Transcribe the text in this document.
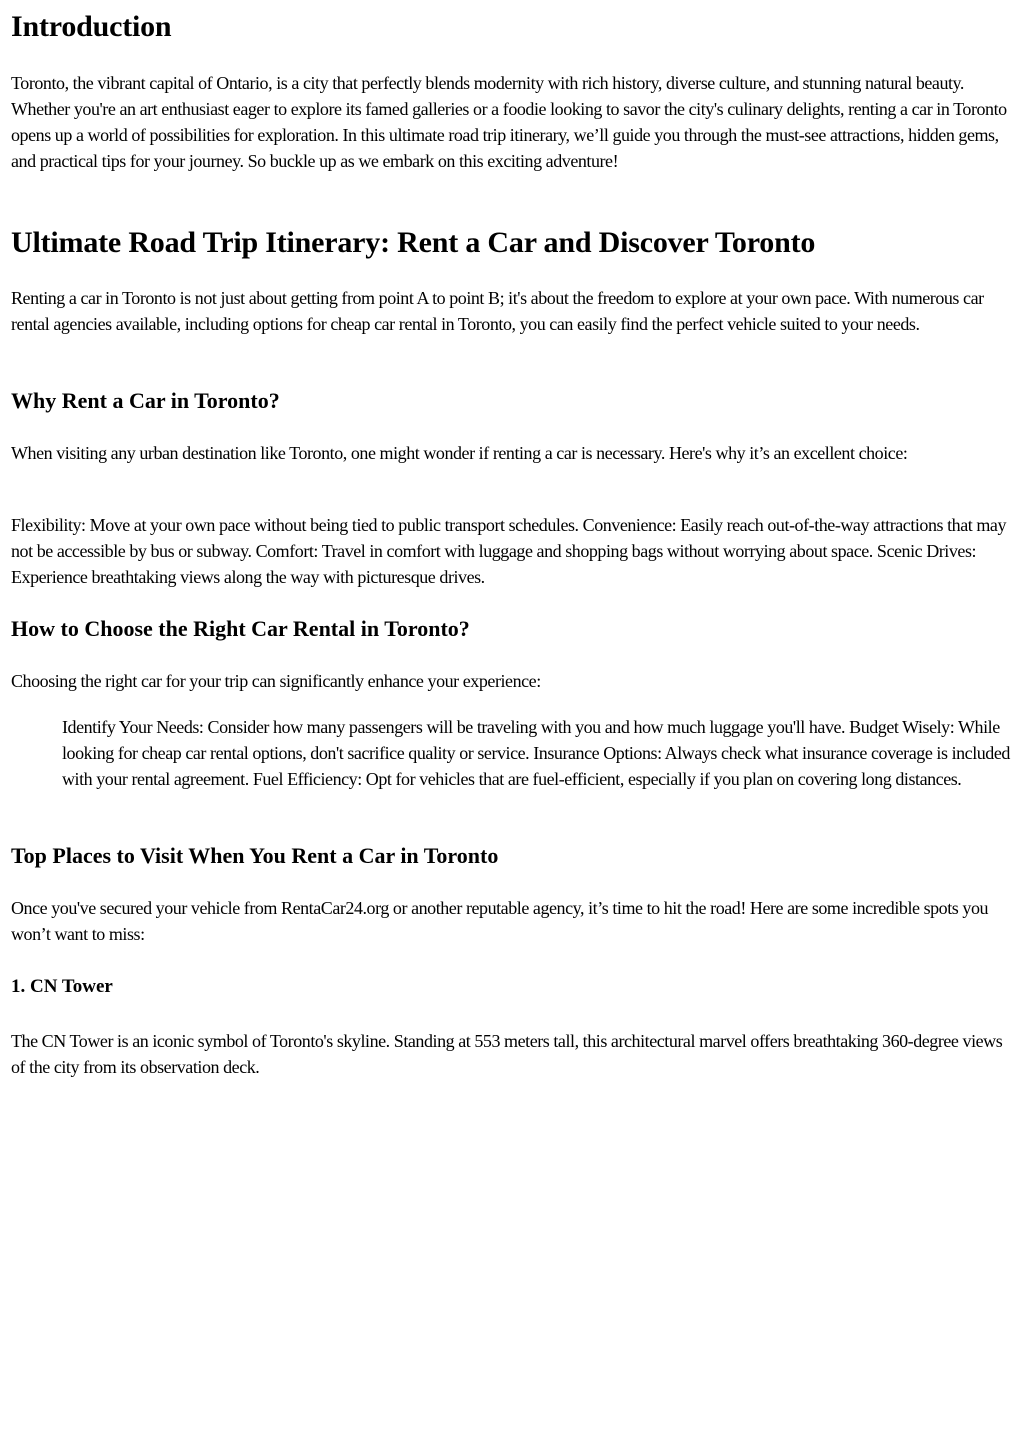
Introduction

Toronto, the vibrant capital of Ontario, is a city that perfectly blends modernity with rich history, diverse culture, and stunning natural beauty. Whether you're an art enthusiast eager to explore its famed galleries or a foodie looking to savor the city's culinary delights, renting a car in Toronto opens up a world of possibilities for exploration. In this ultimate road trip itinerary, we’ll guide you through the must-see attractions, hidden gems, and practical tips for your journey. So buckle up as we embark on this exciting adventure!

Ultimate Road Trip Itinerary: Rent a Car and Discover Toronto

Renting a car in Toronto is not just about getting from point A to point B; it's about the freedom to explore at your own pace. With numerous car rental agencies available, including options for cheap car rental in Toronto, you can easily find the perfect vehicle suited to your needs.

Why Rent a Car in Toronto?

When visiting any urban destination like Toronto, one might wonder if renting a car is necessary. Here's why it’s an excellent choice:

Flexibility: Move at your own pace without being tied to public transport schedules. Convenience: Easily reach out-of-the-way attractions that may not be accessible by bus or subway. Comfort: Travel in comfort with luggage and shopping bags without worrying about space. Scenic Drives: Experience breathtaking views along the way with picturesque drives.

How to Choose the Right Car Rental in Toronto?

Choosing the right car for your trip can significantly enhance your experience:

Identify Your Needs: Consider how many passengers will be traveling with you and how much luggage you'll have. Budget Wisely: While looking for cheap car rental options, don't sacrifice quality or service. Insurance Options: Always check what insurance coverage is included with your rental agreement. Fuel Efficiency: Opt for vehicles that are fuel-efficient, especially if you plan on covering long distances.

Top Places to Visit When You Rent a Car in Toronto

Once you've secured your vehicle from RentaCar24.org or another reputable agency, it’s time to hit the road! Here are some incredible spots you won’t want to miss:

1. CN Tower

The CN Tower is an iconic symbol of Toronto's skyline. Standing at 553 meters tall, this architectural marvel offers breathtaking 360-degree views of the city from its observation deck.
